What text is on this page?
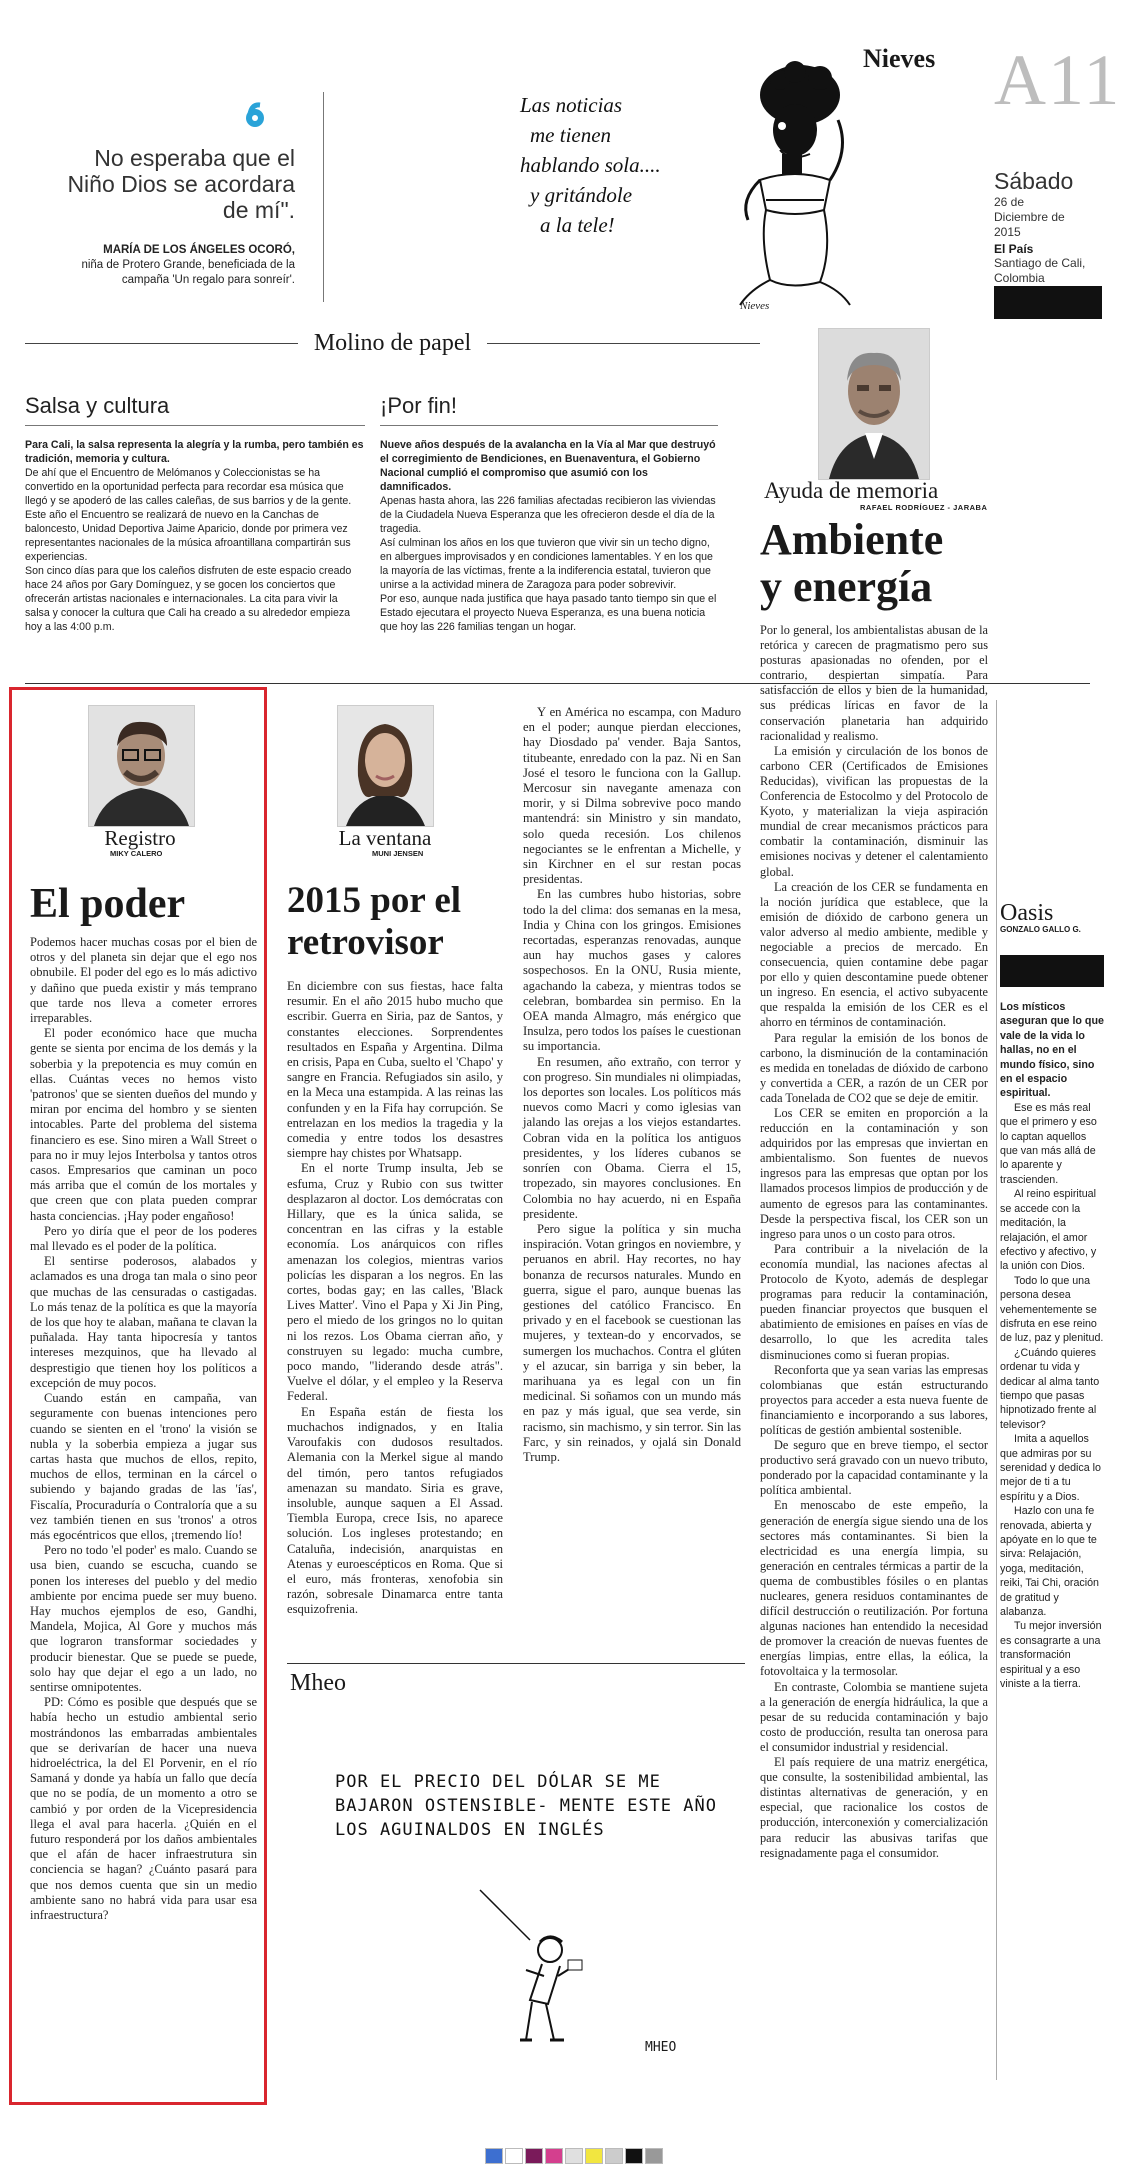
Nieves A11
Sábado
26 de Diciembre de 2015
El País
Santiago de Cali, Colombia
No esperaba que el Niño Dios se acordara de mí".
MARÍA DE LOS ÁNGELES OCORÓ,
niña de Protero Grande, beneficiada de la campaña 'Un regalo para sonreír'.
Las noticias
me tienen
hablando sola....
y gritándole
a la tele!
Nieves
Molino de papel
Salsa y cultura

Para Cali, la salsa representa la alegría y la rumba, pero también es tradición, memoria y cultura.

De ahí que el Encuentro de Melómanos y Coleccionistas se ha convertido en la oportunidad perfecta para recordar esa música que llegó y se apoderó de las calles caleñas, de sus barrios y de la gente.

Este año el Encuentro se realizará de nuevo en la Canchas de baloncesto, Unidad Deportiva Jaime Aparicio, donde por primera vez representantes nacionales de la música afroantillana compartirán sus experiencias.

Son cinco días para que los caleños disfruten de este espacio creado hace 24 años por Gary Domínguez, y se gocen los conciertos que ofrecerán artistas nacionales e internacionales. La cita para vivir la salsa y conocer la cultura que Cali ha creado a su alrededor empieza hoy a las 4:00 p.m.

¡Por fin!

Nueve años después de la avalancha en la Vía al Mar que destruyó el corregimiento de Bendiciones, en Buenaventura, el Gobierno Nacional cumplió el compromiso que asumió con los damnificados.

Apenas hasta ahora, las 226 familias afectadas recibieron las viviendas de la Ciudadela Nueva Esperanza que les ofrecieron desde el día de la tragedia.

Así culminan los años en los que tuvieron que vivir sin un techo digno, en albergues improvisados y en condiciones lamentables. Y en los que la mayoría de las víctimas, frente a la indiferencia estatal, tuvieron que unirse a la actividad minera de Zaragoza para poder sobrevivir.

Por eso, aunque nada justifica que haya pasado tanto tiempo sin que el Estado ejecutara el proyecto Nueva Esperanza, es una buena noticia que hoy las 226 familias tengan un hogar.

Ayuda de memoria
RAFAEL RODRÍGUEZ - JARABA
Ambiente y energía

Por lo general, los ambientalistas abusan de la retórica y carecen de pragmatismo pero sus posturas apasionadas no ofenden, por el contrario, despiertan simpatía. Para satisfacción de ellos y bien de la humanidad, sus prédicas líricas en favor de la conservación planetaria han adquirido racionalidad y realismo.

La emisión y circulación de los bonos de carbono CER (Certificados de Emisiones Reducidas), vivifican las propuestas de la Conferencia de Estocolmo y del Protocolo de Kyoto, y materializan la vieja aspiración mundial de crear mecanismos prácticos para combatir la contaminación, disminuir las emisiones nocivas y detener el calentamiento global.

La creación de los CER se fundamenta en la noción jurídica que establece, que la emisión de dióxido de carbono genera un valor adverso al medio ambiente, medible y negociable a precios de mercado. En consecuencia, quien contamine debe pagar por ello y quien descontamine puede obtener un ingreso. En esencia, el activo subyacente que respalda la emisión de los CER es el ahorro en términos de contaminación.

Para regular la emisión de los bonos de carbono, la disminución de la contaminación es medida en toneladas de dióxido de carbono y convertida a CER, a razón de un CER por cada Tonelada de CO2 que se deje de emitir.

Los CER se emiten en proporción a la reducción en la contaminación y son adquiridos por las empresas que inviertan en ambientalismo. Son fuentes de nuevos ingresos para las empresas que optan por los llamados procesos limpios de producción y de aumento de egresos para las contaminantes. Desde la perspectiva fiscal, los CER son un ingreso para unos o un costo para otros.

Para contribuir a la nivelación de la economía mundial, las naciones afectas al Protocolo de Kyoto, además de desplegar programas para reducir la contaminación, pueden financiar proyectos que busquen el abatimiento de emisiones en países en vías de desarrollo, lo que les acredita tales disminuciones como si fueran propias.

Reconforta que ya sean varias las empresas colombianas que están estructurando proyectos para acceder a esta nueva fuente de financiamiento e incorporando a sus labores, políticas de gestión ambiental sostenible.

De seguro que en breve tiempo, el sector productivo será gravado con un nuevo tributo, ponderado por la capacidad contaminante y la política ambiental.

En menoscabo de este empeño, la generación de energía sigue siendo una de los sectores más contaminantes. Si bien la electricidad es una energía limpia, su generación en centrales térmicas a partir de la quema de combustibles fósiles o en plantas nucleares, genera residuos contaminantes de difícil destrucción o reutilización. Por fortuna algunas naciones han entendido la necesidad de promover la creación de nuevas fuentes de energías limpias, entre ellas, la eólica, la fotovoltaica y la termosolar.

En contraste, Colombia se mantiene sujeta a la generación de energía hidráulica, la que a pesar de su reducida contaminación y bajo costo de producción, resulta tan onerosa para el consumidor industrial y residencial.

El país requiere de una matriz energética, que consulte, la sostenibilidad ambiental, las distintas alternativas de generación, y en especial, que racionalice los costos de producción, interconexión y comercialización para reducir las abusivas tarifas que resignadamente paga el consumidor.

Oasis
GONZALO GALLO G.

Los místicos aseguran que lo que vale de la vida lo hallas, no en el mundo físico, sino en el espacio espiritual.

Ese es más real que el primero y eso lo captan aquellos que van más allá de lo aparente y trascienden.

Al reino espiritual se accede con la meditación, la relajación, el amor efectivo y afectivo, y la unión con Dios.

Todo lo que una persona desea vehementemente se disfruta en ese reino de luz, paz y plenitud.

¿Cuándo quieres ordenar tu vida y dedicar al alma tanto tiempo que pasas hipnotizado frente al televisor?

Imita a aquellos que admiras por su serenidad y dedica lo mejor de ti a tu espíritu y a Dios.

Hazlo con una fe renovada, abierta y apóyate en lo que te sirva: Relajación, yoga, meditación, reiki, Tai Chi, oración de gratitud y alabanza.

Tu mejor inversión es consagrarte a una transformación espiritual y a eso viniste a la tierra.

Registro
MIKY CALERO
El poder

Podemos hacer muchas cosas por el bien de otros y del planeta sin dejar que el ego nos obnubile. El poder del ego es lo más adictivo y dañino que pueda existir y más temprano que tarde nos lleva a cometer errores irreparables.

El poder económico hace que mucha gente se sienta por encima de los demás y la soberbia y la prepotencia es muy común en ellas. Cuántas veces no hemos visto 'patronos' que se sienten dueños del mundo y miran por encima del hombro y se sienten intocables. Parte del problema del sistema financiero es ese. Sino miren a Wall Street o para no ir muy lejos Interbolsa y tantos otros casos. Empresarios que caminan un poco más arriba que el común de los mortales y que creen que con plata pueden comprar hasta conciencias. ¡Hay poder engañoso!

Pero yo diría que el peor de los poderes mal llevado es el poder de la política.

El sentirse poderosos, alabados y aclamados es una droga tan mala o sino peor que muchas de las censuradas o castigadas. Lo más tenaz de la política es que la mayoría de los que hoy te alaban, mañana te clavan la puñalada. Hay tanta hipocresía y tantos intereses mezquinos, que ha llevado al desprestigio que tienen hoy los políticos a excepción de muy pocos.

Cuando están en campaña, van seguramente con buenas intenciones pero cuando se sienten en el 'trono' la visión se nubla y la soberbia empieza a jugar sus cartas hasta que muchos de ellos, repito, muchos de ellos, terminan en la cárcel o subiendo y bajando gradas de las 'ías', Fiscalía, Procuraduría o Contraloría que a su vez también tienen en sus 'tronos' a otros más egocéntricos que ellos, ¡tremendo lío!

Pero no todo 'el poder' es malo. Cuando se usa bien, cuando se escucha, cuando se ponen los intereses del pueblo y del medio ambiente por encima puede ser muy bueno. Hay muchos ejemplos de eso, Gandhi, Mandela, Mojica, Al Gore y muchos más que lograron transformar sociedades y producir bienestar. Que se puede se puede, solo hay que dejar el ego a un lado, no sentirse omnipotentes.

PD: Cómo es posible que después que se había hecho un estudio ambiental serio mostrándonos las embarradas ambientales que se derivarían de hacer una nueva hidroeléctrica, la del El Porvenir, en el río Samaná y donde ya había un fallo que decía que no se podía, de un momento a otro se cambió y por orden de la Vicepresidencia llega el aval para hacerla. ¿Quién en el futuro responderá por los daños ambientales que el afán de hacer infraestrutura sin conciencia se hagan? ¿Cuánto pasará para que nos demos cuenta que sin un medio ambiente sano no habrá vida para usar esa infraestructura?

La ventana
MUNI JENSEN
2015 por el retrovisor

En diciembre con sus fiestas, hace falta resumir. En el año 2015 hubo mucho que escribir. Guerra en Siria, paz de Santos, y constantes elecciones. Sorprendentes resultados en España y Argentina. Dilma en crisis, Papa en Cuba, suelto el 'Chapo' y sangre en Francia. Refugiados sin asilo, y en la Meca una estampida. A las reinas las confunden y en la Fifa hay corrupción. Se entrelazan en los medios la tragedia y la comedia y entre todos los desastres siempre hay chistes por Whatsapp.

En el norte Trump insulta, Jeb se esfuma, Cruz y Rubio con sus twitter desplazaron al doctor. Los demócratas con Hillary, que es la única salida, se concentran en las cifras y la estable economía. Los anárquicos con rifles amenazan los colegios, mientras varios policías les disparan a los negros. En las cortes, bodas gay; en las calles, 'Black Lives Matter'. Vino el Papa y Xi Jin Ping, pero el miedo de los gringos no lo quitan ni los rezos. Los Obama cierran año, y construyen su legado: mucha cumbre, poco mando, "liderando desde atrás". Vuelve el dólar, y el empleo y la Reserva Federal.

En España están de fiesta los muchachos indignados, y en Italia Varoufakis con dudosos resultados. Alemania con la Merkel sigue al mando del timón, pero tantos refugiados amenazan su mandato. Siria es grave, insoluble, aunque saquen a El Assad. Tiembla Europa, crece Isis, no aparece solución. Los ingleses protestando; en Cataluña, indecisión, anarquistas en Atenas y euroescépticos en Roma. Que si el euro, más fronteras, xenofobia sin razón, sobresale Dinamarca entre tanta esquizofrenia.

Y en América no escampa, con Maduro en el poder; aunque pierdan elecciones, hay Diosdado pa' vender. Baja Santos, titubeante, enredado con la paz. Ni en San José el tesoro le funciona con la Gallup. Mercosur sin navegante amenaza con morir, y si Dilma sobrevive poco mando mantendrá: sin Ministro y sin mandato, solo queda recesión. Los chilenos negociantes se le enfrentan a Michelle, y sin Kirchner en el sur restan pocas presidentas.

En las cumbres hubo historias, sobre todo la del clima: dos semanas en la mesa, India y China con los gringos. Emisiones recortadas, esperanzas renovadas, aunque aun hay muchos gases y calores sospechosos. En la ONU, Rusia miente, agachando la cabeza, y mientras todos se celebran, bombardea sin permiso. En la OEA manda Almagro, más enérgico que Insulza, pero todos los países le cuestionan su importancia.

En resumen, año extraño, con terror y con progreso. Sin mundiales ni olimpiadas, los deportes son locales. Los políticos más nuevos como Macri y como iglesias van jalando las orejas a los viejos estandartes. Cobran vida en la política los antiguos presidentes, y los líderes cubanos se sonríen con Obama. Cierra el 15, tropezado, sin mayores conclusiones. En Colombia no hay acuerdo, ni en España presidente.

Pero sigue la política y sin mucha inspiración. Votan gringos en noviembre, y peruanos en abril. Hay recortes, no hay bonanza de recursos naturales. Mundo en guerra, sigue el paro, aunque buenas las gestiones del católico Francisco. En privado y en el facebook se cuestionan las mujeres, y textean-do y encorvados, se sumergen los muchachos. Contra el glúten y el azucar, sin barriga y sin beber, la marihuana ya es legal con un fin medicinal. Si soñamos con un mundo más en paz y más igual, que sea verde, sin racismo, sin machismo, y sin terror. Sin las Farc, y sin reinados, y ojalá sin Donald Trump.

Mheo
POR EL PRECIO DEL DÓLAR SE ME BAJARON OSTENSIBLE- MENTE ESTE AÑO LOS AGUINALDOS EN INGLÉS
MHEO
